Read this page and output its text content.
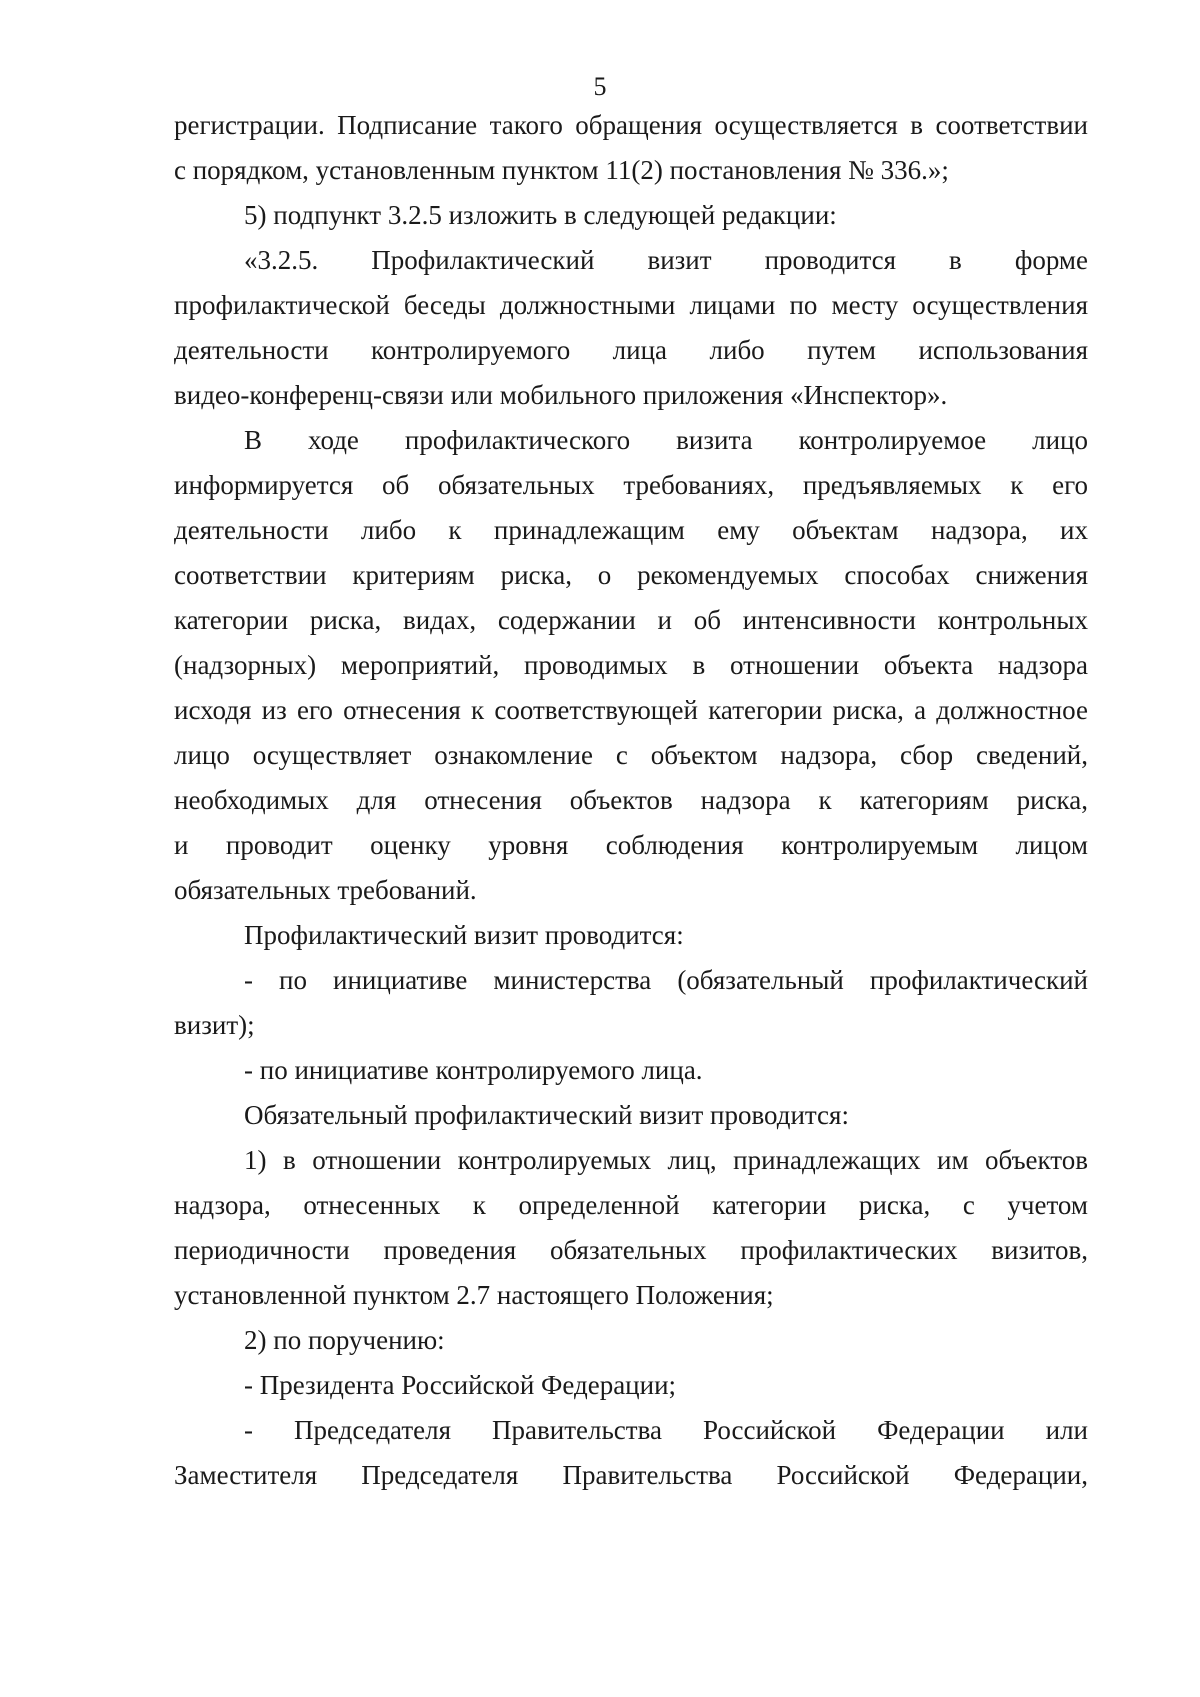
5
регистрации. Подписание такого обращения осуществляется в соответствии
с порядком, установленным пунктом 11(2) постановления № 336.»;
5) подпункт 3.2.5 изложить в следующей редакции:
«3.2.5. Профилактический визит проводится в форме
профилактической беседы должностными лицами по месту осуществления
деятельности контролируемого лица либо путем использования
видео-конференц-связи или мобильного приложения «Инспектор».
В ходе профилактического визита контролируемое лицо
информируется об обязательных требованиях, предъявляемых к его
деятельности либо к принадлежащим ему объектам надзора, их
соответствии критериям риска, о рекомендуемых способах снижения
категории риска, видах, содержании и об интенсивности контрольных
(надзорных) мероприятий, проводимых в отношении объекта надзора
исходя из его отнесения к соответствующей категории риска, а должностное
лицо осуществляет ознакомление с объектом надзора, сбор сведений,
необходимых для отнесения объектов надзора к категориям риска,
и проводит оценку уровня соблюдения контролируемым лицом
обязательных требований.
Профилактический визит проводится:
- по инициативе министерства (обязательный профилактический
визит);
- по инициативе контролируемого лица.
Обязательный профилактический визит проводится:
1) в отношении контролируемых лиц, принадлежащих им объектов
надзора, отнесенных к определенной категории риска, с учетом
периодичности проведения обязательных профилактических визитов,
установленной пунктом 2.7 настоящего Положения;
2) по поручению:
- Президента Российской Федерации;
- Председателя Правительства Российской Федерации или
Заместителя Председателя Правительства Российской Федерации,
